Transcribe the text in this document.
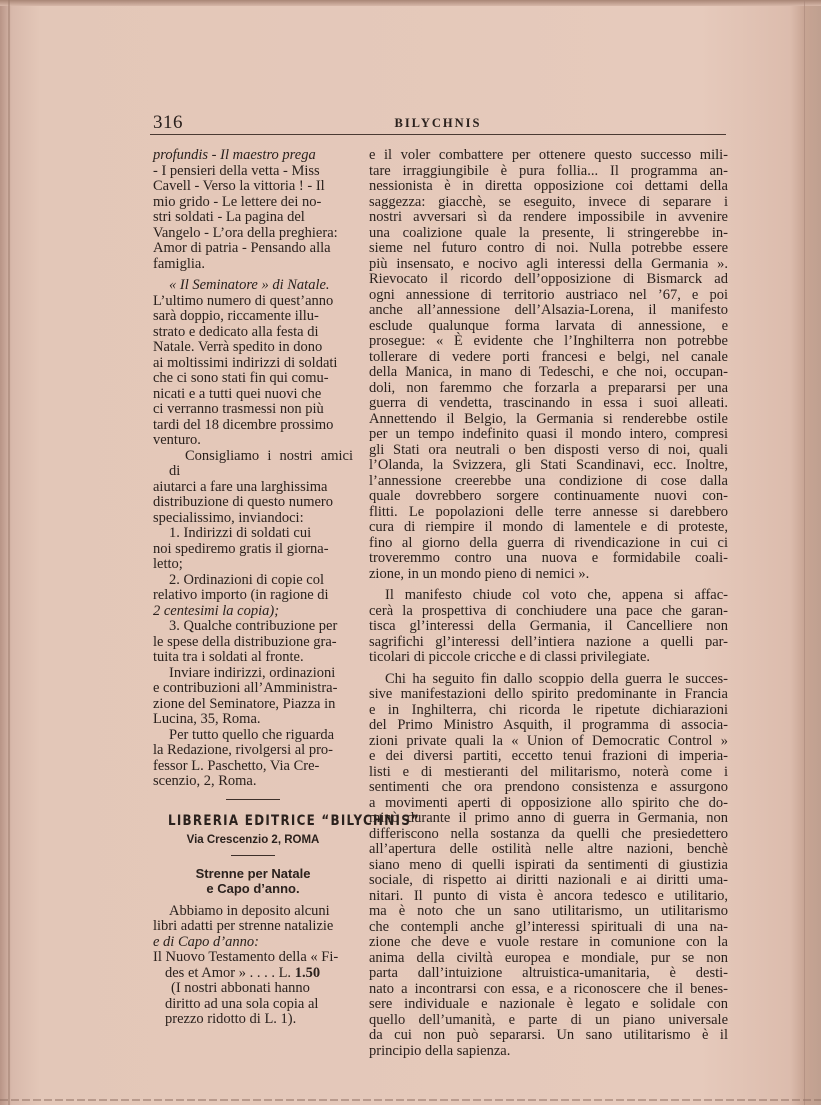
316	BILYCHNIS

profundis - Il maestro prega
- I pensieri della vetta - Miss
Cavell - Verso la vittoria ! - Il
mio grido - Le lettere dei no-
stri soldati - La pagina del
Vangelo - L’ora della preghiera:
Amor di patria - Pensando alla
famiglia.

« Il Seminatore » di Natale.
L’ultimo numero di quest’anno
sarà doppio, riccamente illu-
strato e dedicato alla festa di
Natale. Verrà spedito in dono
ai moltissimi indirizzi di soldati
che ci sono stati fin qui comu-
nicati e a tutti quei nuovi che
ci verranno trasmessi non più
tardi del 18 dicembre prossimo
venturo.

Consigliamo i nostri amici di
aiutarci a fare una larghissima
distribuzione di questo numero
specialissimo, inviandoci:

1. Indirizzi di soldati cui
noi spediremo gratis il giorna-
letto;

2. Ordinazioni di copie col
relativo importo (in ragione di
2 centesimi la copia);

3. Qualche contribuzione per
le spese della distribuzione gra-
tuita tra i soldati al fronte.

Inviare indirizzi, ordinazioni
e contribuzioni all’Amministra-
zione del Seminatore, Piazza in
Lucina, 35, Roma.

Per tutto quello che riguarda
la Redazione, rivolgersi al pro-
fessor L. Paschetto, Via Cre-
scenzio, 2, Roma.

LIBRERIA EDITRICE “BILYCHNIS”

Via Crescenzio 2, ROMA

Strenne per Natale
e Capo d’anno.

Abbiamo in deposito alcuni
libri adatti per strenne natalizie
e di Capo d’anno:

Il Nuovo Testamento della « Fi-
des et Amor » . . . . L. 1.50

(I nostri abbonati hanno
diritto ad una sola copia al
prezzo ridotto di L. 1).

e il voler combattere per ottenere questo successo mili-
tare irraggiungibile è pura follia... Il programma an-
nessionista è in diretta opposizione coi dettami della
saggezza: giacchè, se eseguito, invece di separare i
nostri avversari sì da rendere impossibile in avvenire
una coalizione quale la presente, li stringerebbe in-
sieme nel futuro contro di noi. Nulla potrebbe essere
più insensato, e nocivo agli interessi della Germania ».
Rievocato il ricordo dell’opposizione di Bismarck ad
ogni annessione di territorio austriaco nel ’67, e poi
anche all’annessione dell’Alsazia-Lorena, il manifesto
esclude qualunque forma larvata di annessione, e
prosegue: « È evidente che l’Inghilterra non potrebbe
tollerare di vedere porti francesi e belgi, nel canale
della Manica, in mano di Tedeschi, e che noi, occupan-
doli, non faremmo che forzarla a prepararsi per una
guerra di vendetta, trascinando in essa i suoi alleati.
Annettendo il Belgio, la Germania si renderebbe ostile
per un tempo indefinito quasi il mondo intero, compresi
gli Stati ora neutrali o ben disposti verso di noi, quali
l’Olanda, la Svizzera, gli Stati Scandinavi, ecc. Inoltre,
l’annessione creerebbe una condizione di cose dalla
quale dovrebbero sorgere continuamente nuovi con-
flitti. Le popolazioni delle terre annesse si darebbero
cura di riempire il mondo di lamentele e di proteste,
fino al giorno della guerra di rivendicazione in cui ci
troveremmo contro una nuova e formidabile coali-
zione, in un mondo pieno di nemici ».

Il manifesto chiude col voto che, appena si affac-
cerà la prospettiva di conchiudere una pace che garan-
tisca gl’interessi della Germania, il Cancelliere non
sagrifichi gl’interessi dell’intiera nazione a quelli par-
ticolari di piccole cricche e di classi privilegiate.

Chi ha seguito fin dallo scoppio della guerra le succes-
sive manifestazioni dello spirito predominante in Francia
e in Inghilterra, chi ricorda le ripetute dichiarazioni
del Primo Ministro Asquith, il programma di associa-
zioni private quali la « Union of Democratic Control »
e dei diversi partiti, eccetto tenui frazioni di imperia-
listi e di mestieranti del militarismo, noterà come i
sentimenti che ora prendono consistenza e assurgono
a movimenti aperti di opposizione allo spirito che do-
minò durante il primo anno di guerra in Germania, non
differiscono nella sostanza da quelli che presiedettero
all’apertura delle ostilità nelle altre nazioni, benchè
siano meno di quelli ispirati da sentimenti di giustizia
sociale, di rispetto ai diritti nazionali e ai diritti uma-
nitari. Il punto di vista è ancora tedesco e utilitario,
ma è noto che un sano utilitarismo, un utilitarismo
che contempli anche gl’interessi spirituali di una na-
zione che deve e vuole restare in comunione con la
anima della civiltà europea e mondiale, pur se non
parta dall’intuizione altruistica-umanitaria, è desti-
nato a incontrarsi con essa, e a riconoscere che il benes-
sere individuale e nazionale è legato e solidale con
quello dell’umanità, e parte di un piano universale
da cui non può separarsi. Un sano utilitarismo è il
principio della sapienza.
